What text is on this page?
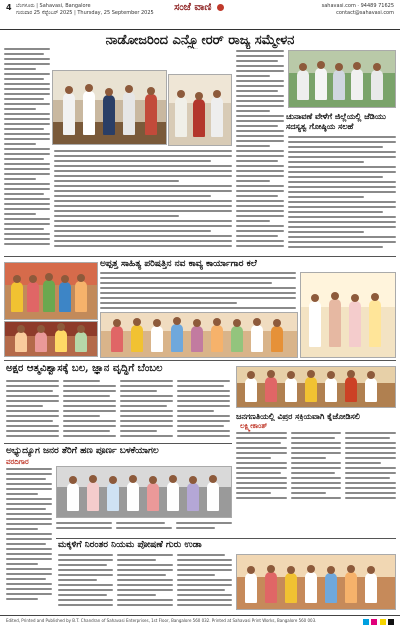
4 ಬೆಂಗಳೂರು | Sahavasi, Bangalore
ಗುರುವಾರ 25 ಸೆಪ್ಟೆಂಬರ್ 2025 | Thursday, 25 September 2025	ಸಂಜೆ ವಾಣಿ	sahavasi.com · 94489 71625
contact@sahavasi.com
ನಾಡೋಜರಿಂದ ಎನ್ಸ್ಪ್ಲೋರರ್ ರಾಜ್ಯ ಸಮ್ಮೇಳನ
ಚುನಾವಣೆ ವೇಳೆಗೆ ಜಿಲ್ಲೆಯಲ್ಲಿ ಜೆಡಿಯು ಸದಸ್ಯತ್ವ ಗೋಷ್ಠಿಯ ಸಲಹೆ
ಅಪ್ಪತ್ತ ಸಾಹಿತ್ಯ ಪರಿಷತ್ತಿನ ನವ ಕಾವ್ಯ ಕಾರ್ಯಾಗಾರ ಕಲೆ
ಅಕ್ಷರ ಆತ್ಮವಿಶ್ವಾಸಕ್ಕೆ ಬಲ, ಜ್ಞಾನ ವೃದ್ಧಿಗೆ ಬೆಂಬಲ
ಜನಗಣತಿಯಲ್ಲಿ ವಿಪ್ರರ ಸಕ್ರಿಯವಾಗಿ ಕೈಜೋಡಿಸಲಿ
ಲಕ್ಷ್ಮೀಕಾಂತ್
ಅಭ್ಯುದ್ಯೂಗ ಜನರ ತೆರಿಗೆ ಹಣ ಪೂರ್ಣ ಬಳಕೆಯಾಗಲ
ವರದಿಗಾರ
ಮಕ್ಕಳಿಗೆ ನಿರಂತರ ನಿಯಮ ಪೋಷಣೆ ಗುರು ಉಡಾ
Edited, Printed and Published by B.T. Chandran of Sahavasi Enterprises, 1st Floor, Bangalore 560 032. Printed at Sahavasi Print Works, Bangalore 560 003.
